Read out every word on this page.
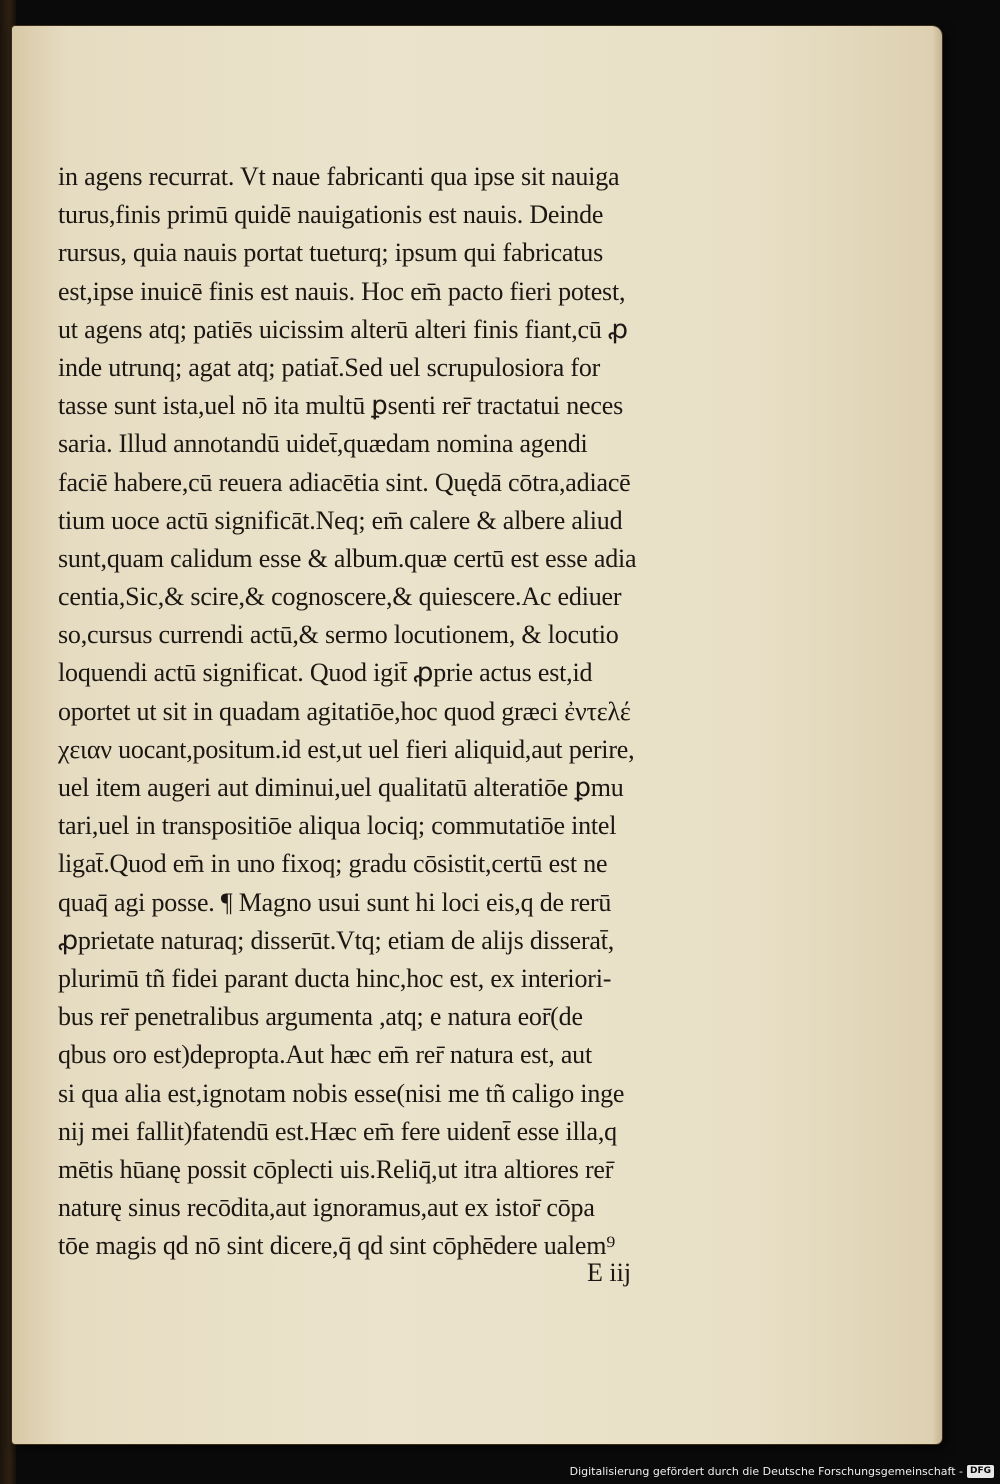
in agens recurrat. Vt naue fabricanti qua ipse sit nauiga
turus,finis primū quidē nauigationis est nauis. Deinde
rursus, quia nauis portat tueturq; ipsum qui fabricatus
est,ipse inuicē finis est nauis. Hoc em̄ pacto fieri potest,
ut agens atq; patiēs uicissim alterū alteri finis fiant,cū ꝓ
inde utrunq; agat atq; patiat̄.Sed uel scrupulosiora for
tasse sunt ista,uel nō ita multū ꝑsenti rer̄ tractatui neces
saria. Illud annotandū uidet̄,quædam nomina agendi
faciē habere,cū reuera adiacētia sint. Quędā cōtra,adiacē
tium uoce actū significāt.Neq; em̄ calere & albere aliud
sunt,quam calidum esse & album.quæ certū est esse adia
centia,Sic,& scire,& cognoscere,& quiescere.Ac ediuer
so,cursus currendi actū,& sermo locutionem, & locutio
loquendi actū significat. Quod igit̄ ꝓprie actus est,id
oportet ut sit in quadam agitatiōe,hoc quod græci ἐντελέ
χειαν uocant,positum.id est,ut uel fieri aliquid,aut perire,
uel item augeri aut diminui,uel qualitatū alteratiōe ꝑmu
tari,uel in transpositiōe aliqua lociq; commutatiōe intel
ligat̄.Quod em̄ in uno fixoq; gradu cōsistit,certū est ne
quaq̄ agi posse. ¶ Magno usui sunt hi loci eis,q de rerū
ꝓprietate naturaq; disserūt.Vtq; etiam de alijs disserat̄,
plurimū tñ fidei parant ducta hinc,hoc est, ex interiori-
bus rer̄ penetralibus argumenta ,atq; e natura eor̄(de
qbus oro est)depropta.Aut hæc em̄ rer̄ natura est, aut
si qua alia est,ignotam nobis esse(nisi me tñ caligo inge
nij mei fallit)fatendū est.Hæc em̄ fere uident̄ esse illa,q
mētis hūanę possit cōplecti uis.Reliq̄,ut itra altiores rer̄
naturę sinus recōdita,aut ignoramus,aut ex istor̄ cōpa
tōe magis qd nō sint dicere,q̄ qd sint cōphēdere ualem⁹
E iij
Digitalisierung gefördert durch die Deutsche Forschungsgemeinschaft - DFG
